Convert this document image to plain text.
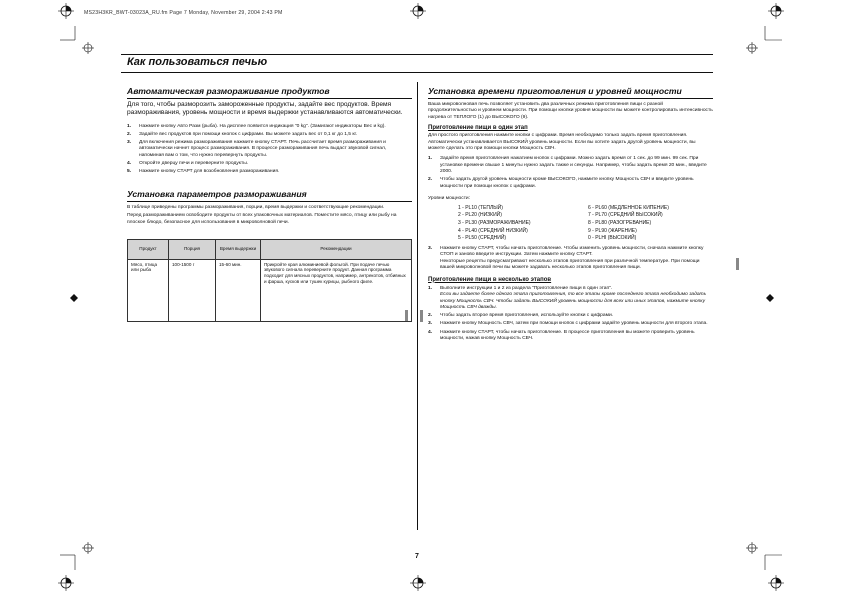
MS23H3KR_BWT-03023A_RU.fm Page 7 Monday, November 29, 2004 2:43 PM
Как пользоваться печью
Автоматическая размораживание продуктов
Для того, чтобы разморозить замороженные продукты, задайте вес продуктов. Время размораживания, уровень мощности и время выдержки устанавливаются автоматически.
1. Нажмите кнопку Авто Разм (рыба). На дисплее появится индикация "0 kg". (Замигают индикаторы Вес и kg).
2. Задайте вес продуктов при помощи кнопок с цифрами. Вы можете задать вес от 0,1 кг до 1,5 кг.
3. Для включения режима размораживания нажмите кнопку СТАРТ. Печь рассчитает время размораживания и автоматически начнет процесс размораживания. В процессе размораживания печь выдаст звуковой сигнал, напоминая вам о том, что нужно перевернуть продукты.
4. Откройте дверцу печи и переверните продукты.
5. Нажмите кнопку СТАРТ для возобновления размораживания.
Установка параметров размораживания
В таблице приведены программы размораживания, порции, время выдержки и соответствующие рекомендации.
Перед размораживанием освободите продукты от всех упаковочных материалов. Поместите мясо, птицу или рыбу на плоское блюдо, безопасное для использования в микроволновой печи.
Продукт	Порция	Время выдержки	Рекомендации
Мясо, птица или рыба	100-1500 г	15-60 мин.	Прикройте края алюминиевой фольгой. При подаче печью звукового сигнала переверните продукт. Данная программа подходит для мясных продуктов, например, антрекотов, отбивных и фарша, кусков или тушек курицы, рыбного филе.
Установка времени приготовления и уровней мощности
Ваша микроволновая печь позволяет установить два различных режима приготовления пищи с разной продолжительностью и уровнем мощности. При помощи кнопки уровня мощности вы можете контролировать интенсивность нагрева от ТЕПЛОГО (1) до ВЫСОКОГО (9).
Приготовление пищи в один этап
Для простого приготовления нажмите кнопки с цифрами. Время необходимо только задать время приготовления. Автоматически устанавливается ВЫСОКИЙ уровень мощности. Если вы хотите задать другой уровень мощности, вы можете сделать это при помощи кнопки Мощность СВЧ.
1. Задайте время приготовления нажатием кнопок с цифрами. Можно задать время от 1 сек. до 99 мин. 99 сек. При установке времени свыше 1 минуты нужно задать также и секунды. Например, чтобы задать время 20 мин., введите 2000.
2. Чтобы задать другой уровень мощности кроме ВЫСОКОГО, нажмите кнопку Мощность СВЧ и введите уровень мощности при помощи кнопок с цифрами.
Уровни мощности:
1 - PL10 (ТЕПЛЫЙ)
2 - PL20 (НИЗКИЙ)
3 - PL30 (РАЗМОРАЖИВАНИЕ)
4 - PL40 (СРЕДНИЙ НИЗКИЙ)
5 - PL50 (СРЕДНИЙ)
6 - PL60 (МЕДЛЕННОЕ КИПЕНИЕ)
7 - PL70 (СРЕДНИЙ ВЫСОКИЙ)
8 - PL80 (РАЗОГРЕВАНИЕ)
9 - PL90 (ЖАРЕНИЕ)
0 - PLHI (ВЫСОКИЙ)
3. Нажмите кнопку СТАРТ, чтобы начать приготовление. Чтобы изменить уровень мощности, сначала нажмите кнопку СТОП и заново введите инструкции. Затем нажмите кнопку СТАРТ.
Некоторые рецепты предусматривают несколько этапов приготовления при различной температуре. При помощи вашей микроволновой печи вы можете задавать несколько этапов приготовления пищи.
Приготовление пищи в несколько этапов
1. Выполните инструкции 1 и 2 из раздела "Приготовление пищи в один этап".
Если вы задаете более одного этапа приготовления, то все этапы кроме последнего этапа необходимо задать кнопку Мощность СВЧ. Чтобы задать ВЫСОКИЙ уровень мощности для всех или иных этапов, нажмите кнопку Мощность СВЧ дважды.
2. Чтобы задать второе время приготовления, используйте кнопки с цифрами.
3. Нажмите кнопку Мощность СВЧ, затем при помощи кнопок с цифрами задайте уровень мощности для второго этапа.
4. Нажмите кнопку СТАРТ, чтобы начать приготовление. В процессе приготовления вы можете проверить уровень мощности, нажав кнопку Мощность СВЧ.
7
